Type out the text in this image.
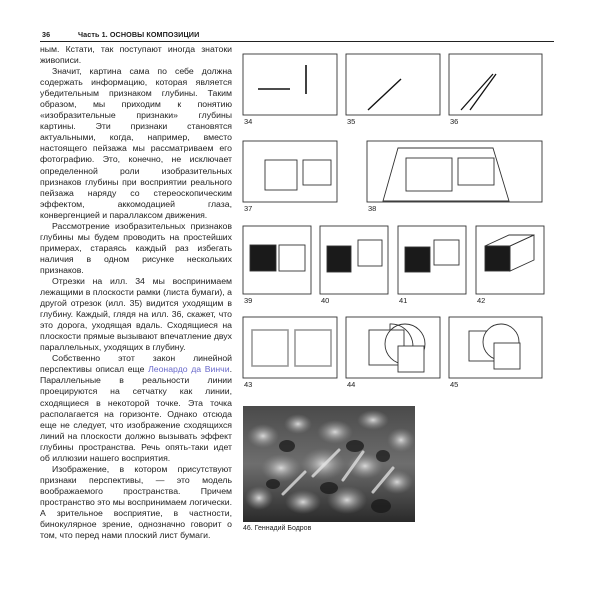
36	Часть 1. ОСНОВЫ КОМПОЗИЦИИ

ным. Кстати, так поступают иногда знатоки живописи.

Значит, картина сама по себе должна содержать информацию, которая является убедительным признаком глубины. Таким образом, мы приходим к понятию «изобразительные признаки» глубины картины. Эти признаки становятся актуальными, когда, например, вместо настоящего пейзажа мы рассматриваем его фотографию. Это, конечно, не исключает определенной роли изобразительных признаков глубины при восприятии реального пейзажа наряду со стереоскопическим эффектом, аккомодацией глаза, конвергенцией и параллаксом движения.

Рассмотрение изобразительных признаков глубины мы будем проводить на простейших примерах, стараясь каждый раз избегать наличия в одном рисунке нескольких признаков.

Отрезки на илл. 34 мы воспринимаем лежащими в плоскости рамки (листа бумаги), а другой отрезок (илл. 35) видится уходящим в глубину. Каждый, глядя на илл. 36, скажет, что это дорога, уходящая вдаль. Сходящиеся на плоскости прямые вызывают впечатление двух параллельных, уходящих в глубину.

Собственно этот закон линейной перспективы описал еще Леонардо да Винчи. Параллельные в реальности линии проецируются на сетчатку как линии, сходящиеся в некоторой точке. Эта точка располагается на горизонте. Однако отсюда еще не следует, что изображение сходящихся линий на плоскости должно вызывать эффект глубины пространства. Речь опять-таки идет об иллюзии нашего восприятия.

Изображение, в котором присутствуют признаки перспективы, — это модель воображаемого пространства. Причем пространство это мы воспринимаем логически. А зрительное восприятие, в частности, бинокулярное зрение, однозначно говорит о том, что перед нами плоский лист бумаги.

34	35	36
37	38
39	40	41	42
43	44	45
46. Геннадий Бодров
